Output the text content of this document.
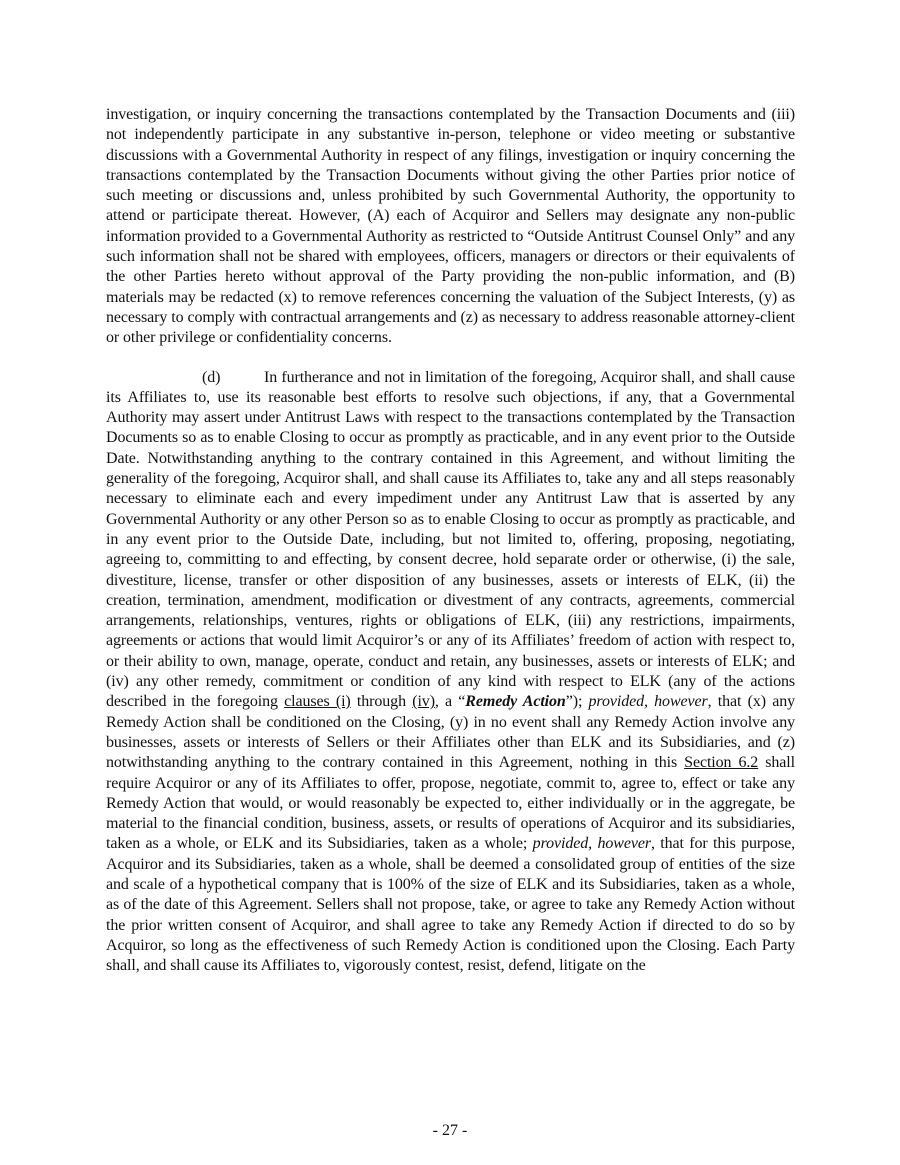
investigation, or inquiry concerning the transactions contemplated by the Transaction Documents and (iii) not independently participate in any substantive in-person, telephone or video meeting or substantive discussions with a Governmental Authority in respect of any filings, investigation or inquiry concerning the transactions contemplated by the Transaction Documents without giving the other Parties prior notice of such meeting or discussions and, unless prohibited by such Governmental Authority, the opportunity to attend or participate thereat. However, (A) each of Acquiror and Sellers may designate any non-public information provided to a Governmental Authority as restricted to “Outside Antitrust Counsel Only” and any such information shall not be shared with employees, officers, managers or directors or their equivalents of the other Parties hereto without approval of the Party providing the non-public information, and (B) materials may be redacted (x) to remove references concerning the valuation of the Subject Interests, (y) as necessary to comply with contractual arrangements and (z) as necessary to address reasonable attorney-client or other privilege or confidentiality concerns.

(d)	In furtherance and not in limitation of the foregoing, Acquiror shall, and shall cause its Affiliates to, use its reasonable best efforts to resolve such objections, if any, that a Governmental Authority may assert under Antitrust Laws with respect to the transactions contemplated by the Transaction Documents so as to enable Closing to occur as promptly as practicable, and in any event prior to the Outside Date. Notwithstanding anything to the contrary contained in this Agreement, and without limiting the generality of the foregoing, Acquiror shall, and shall cause its Affiliates to, take any and all steps reasonably necessary to eliminate each and every impediment under any Antitrust Law that is asserted by any Governmental Authority or any other Person so as to enable Closing to occur as promptly as practicable, and in any event prior to the Outside Date, including, but not limited to, offering, proposing, negotiating, agreeing to, committing to and effecting, by consent decree, hold separate order or otherwise, (i) the sale, divestiture, license, transfer or other disposition of any businesses, assets or interests of ELK, (ii) the creation, termination, amendment, modification or divestment of any contracts, agreements, commercial arrangements, relationships, ventures, rights or obligations of ELK, (iii) any restrictions, impairments, agreements or actions that would limit Acquiror’s or any of its Affiliates’ freedom of action with respect to, or their ability to own, manage, operate, conduct and retain, any businesses, assets or interests of ELK; and (iv) any other remedy, commitment or condition of any kind with respect to ELK (any of the actions described in the foregoing clauses (i) through (iv), a “Remedy Action”); provided, however, that (x) any Remedy Action shall be conditioned on the Closing, (y) in no event shall any Remedy Action involve any businesses, assets or interests of Sellers or their Affiliates other than ELK and its Subsidiaries, and (z) notwithstanding anything to the contrary contained in this Agreement, nothing in this Section 6.2 shall require Acquiror or any of its Affiliates to offer, propose, negotiate, commit to, agree to, effect or take any Remedy Action that would, or would reasonably be expected to, either individually or in the aggregate, be material to the financial condition, business, assets, or results of operations of Acquiror and its subsidiaries, taken as a whole, or ELK and its Subsidiaries, taken as a whole; provided, however, that for this purpose, Acquiror and its Subsidiaries, taken as a whole, shall be deemed a consolidated group of entities of the size and scale of a hypothetical company that is 100% of the size of ELK and its Subsidiaries, taken as a whole, as of the date of this Agreement. Sellers shall not propose, take, or agree to take any Remedy Action without the prior written consent of Acquiror, and shall agree to take any Remedy Action if directed to do so by Acquiror, so long as the effectiveness of such Remedy Action is conditioned upon the Closing. Each Party shall, and shall cause its Affiliates to, vigorously contest, resist, defend, litigate on the

- 27 -
